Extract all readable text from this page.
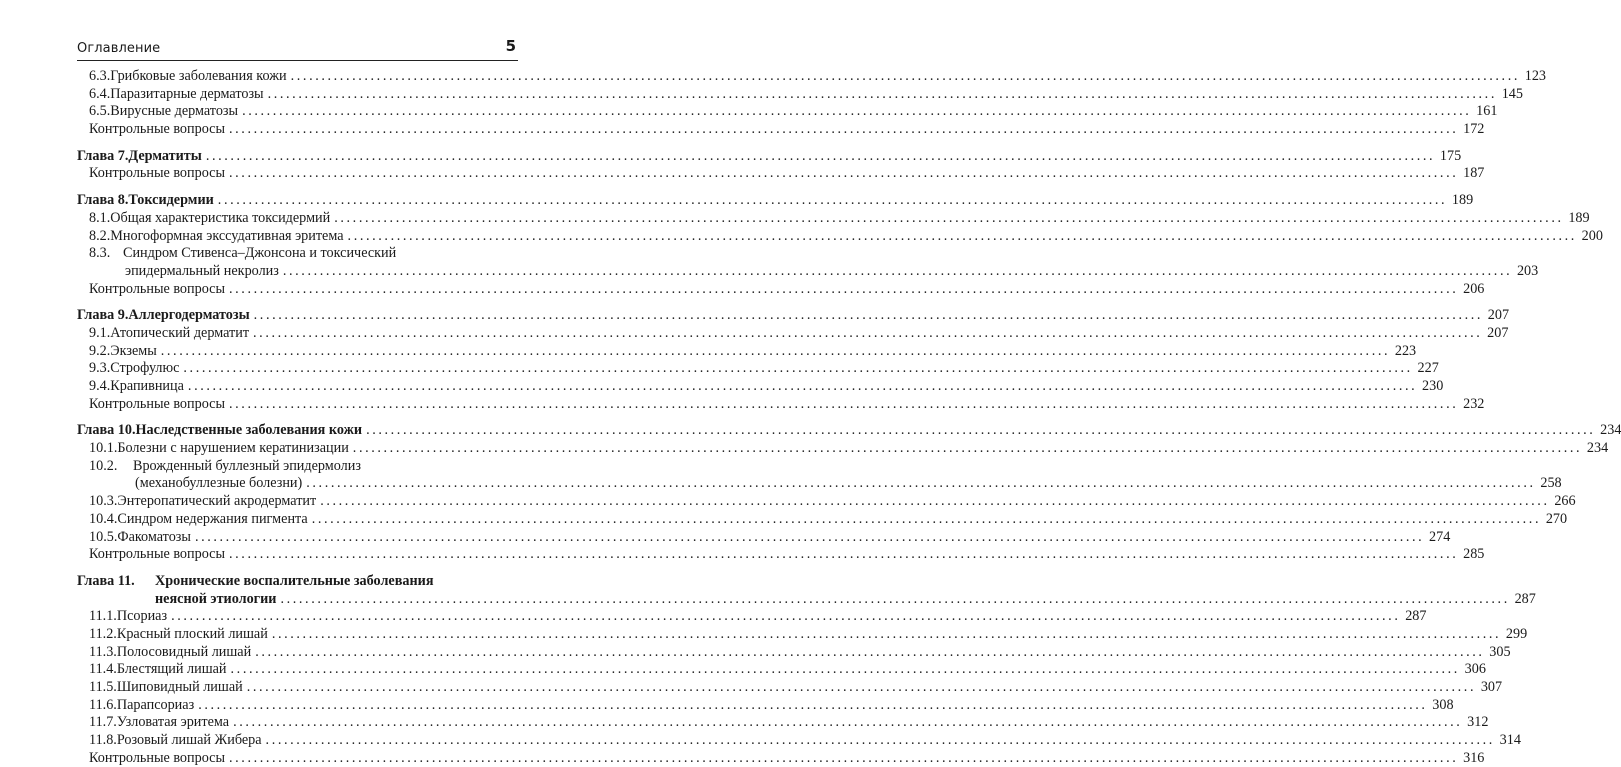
Оглавление	5
6.3. Грибковые заболевания кожи ........................................................................................................................................................................................................ 123
6.4. Паразитарные дерматозы ........................................................................................................................................................................................................ 145
6.5. Вирусные дерматозы ........................................................................................................................................................................................................ 161
Контрольные вопросы ........................................................................................................................................................................................................ 172
Глава 7. Дерматиты ........................................................................................................................................................................................................ 175
Контрольные вопросы ........................................................................................................................................................................................................ 187
Глава 8. Токсидермии ........................................................................................................................................................................................................ 189
8.1. Общая характеристика токсидермий ........................................................................................................................................................................................................ 189
8.2. Многоформная экссудативная эритема ........................................................................................................................................................................................................ 200
8.3. Синдром Стивенса–Джонсона и токсический
эпидермальный некролиз ........................................................................................................................................................................................................ 203
Контрольные вопросы ........................................................................................................................................................................................................ 206
Глава 9. Аллергодерматозы ........................................................................................................................................................................................................ 207
9.1. Атопический дерматит ........................................................................................................................................................................................................ 207
9.2. Экземы ........................................................................................................................................................................................................ 223
9.3. Строфулюс ........................................................................................................................................................................................................ 227
9.4. Крапивница ........................................................................................................................................................................................................ 230
Контрольные вопросы ........................................................................................................................................................................................................ 232
Глава 10. Наследственные заболевания кожи ........................................................................................................................................................................................................ 234
10.1. Болезни с нарушением кератинизации ........................................................................................................................................................................................................ 234
10.2.	Врожденный буллезный эпидермолиз
(механобуллезные болезни) ........................................................................................................................................................................................................ 258
10.3. Энтеропатический акродерматит ........................................................................................................................................................................................................ 266
10.4. Синдром недержания пигмента ........................................................................................................................................................................................................ 270
10.5. Факоматозы ........................................................................................................................................................................................................ 274
Контрольные вопросы ........................................................................................................................................................................................................ 285
Глава 11.	Хронические воспалительные заболевания
неясной этиологии ........................................................................................................................................................................................................ 287
11.1. Псориаз ........................................................................................................................................................................................................ 287
11.2. Красный плоский лишай ........................................................................................................................................................................................................ 299
11.3. Полосовидный лишай ........................................................................................................................................................................................................ 305
11.4. Блестящий лишай ........................................................................................................................................................................................................ 306
11.5. Шиповидный лишай ........................................................................................................................................................................................................ 307
11.6. Парапсориаз ........................................................................................................................................................................................................ 308
11.7. Узловатая эритема ........................................................................................................................................................................................................ 312
11.8. Розовый лишай Жибера ........................................................................................................................................................................................................ 314
Контрольные вопросы ........................................................................................................................................................................................................ 316
